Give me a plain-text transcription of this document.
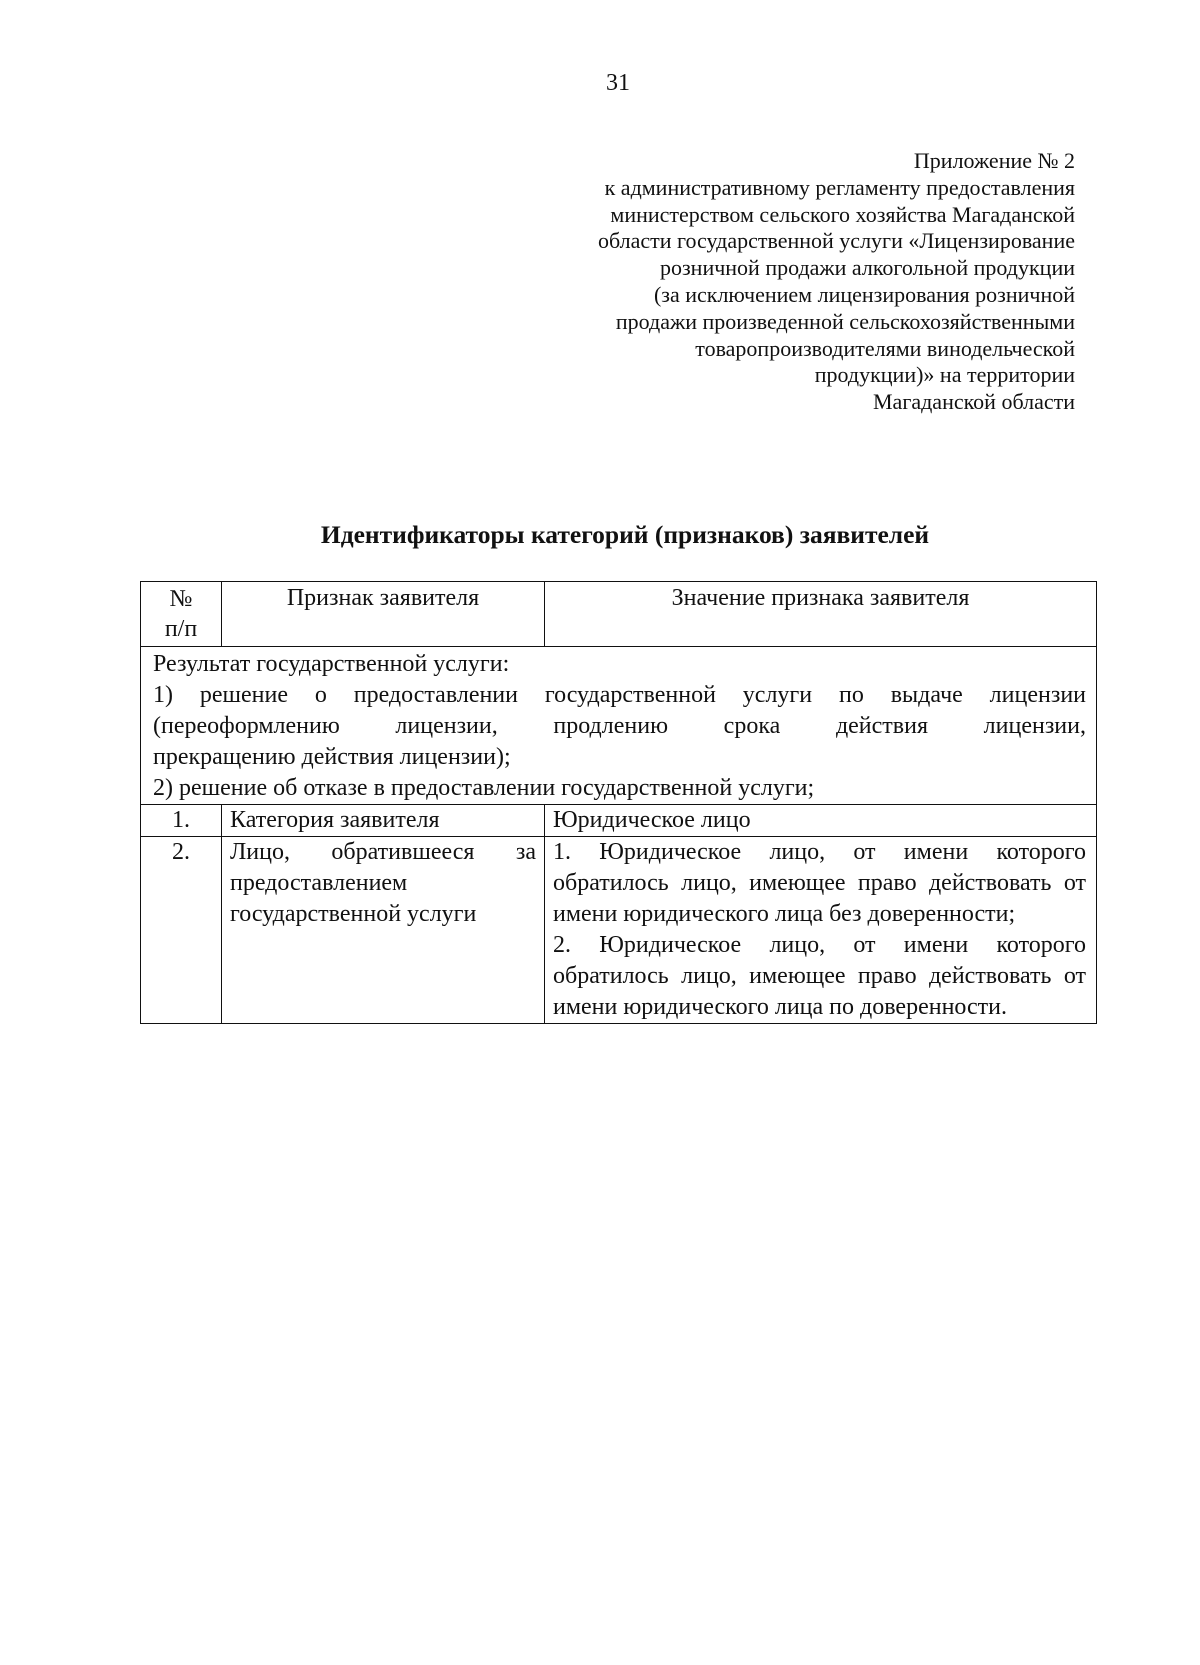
31
Приложение № 2
к административному регламенту предоставления
министерством сельского хозяйства Магаданской
области государственной услуги «Лицензирование
розничной продажи алкогольной продукции
(за исключением лицензирования розничной
продажи произведенной сельскохозяйственными
товаропроизводителями винодельческой
продукции)» на территории
Магаданской области
Идентификаторы категорий (признаков) заявителей
№
п/п	Признак заявителя	Значение признака заявителя

Результат государственной услуги:
1) решение о предоставлении государственной услуги по выдаче лицензии
(переоформлению лицензии, продлению срока действия лицензии,
прекращению действия лицензии);
2) решение об отказе в предоставлении государственной услуги;		

1.	Категория заявителя	Юридическое лицо

2.	Лицо, обратившееся за предоставлением государственной услуги	1. Юридическое лицо, от имени которого обратилось лицо, имеющее право действовать от имени юридического лица без доверенности;
2. Юридическое лицо, от имени которого обратилось лицо, имеющее право действовать от имени юридического лица по доверенности.
